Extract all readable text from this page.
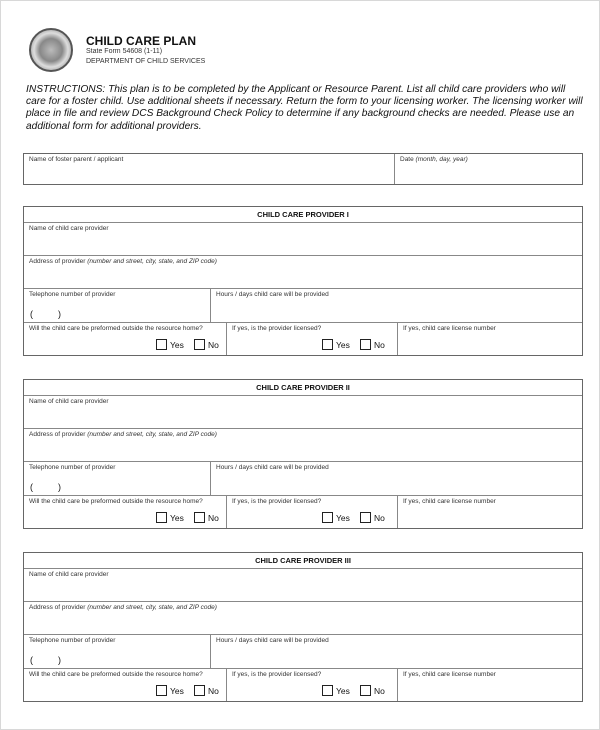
CHILD CARE PLAN
State Form 54608 (1-11)
DEPARTMENT OF CHILD SERVICES
INSTRUCTIONS: This plan is to be completed by the Applicant or Resource Parent. List all child care providers who will care for a foster child. Use additional sheets if necessary. Return the form to your licensing worker. The licensing worker will place in file and review DCS Background Check Policy to determine if any background checks are needed. Please use an additional form for additional providers.
Name of foster parent / applicant	Date (month, day, year)
CHILD CARE PROVIDER I
Name of child care provider
Address of provider (number and street, city, state, and ZIP code)
Telephone number of provider
(          )
Hours / days child care will be provided
Will the child care be preformed outside the resource home?
Yes	No
If yes, is the provider licensed?
Yes	No
If yes, child care license number
CHILD CARE PROVIDER II
Name of child care provider
Address of provider (number and street, city, state, and ZIP code)
Telephone number of provider
(          )
Hours / days child care will be provided
Will the child care be preformed outside the resource home?
Yes	No
If yes, is the provider licensed?
Yes	No
If yes, child care license number
CHILD CARE PROVIDER III
Name of child care provider
Address of provider (number and street, city, state, and ZIP code)
Telephone number of provider
(          )
Hours / days child care will be provided
Will the child care be preformed outside the resource home?
Yes	No
If yes, is the provider licensed?
Yes	No
If yes, child care license number
